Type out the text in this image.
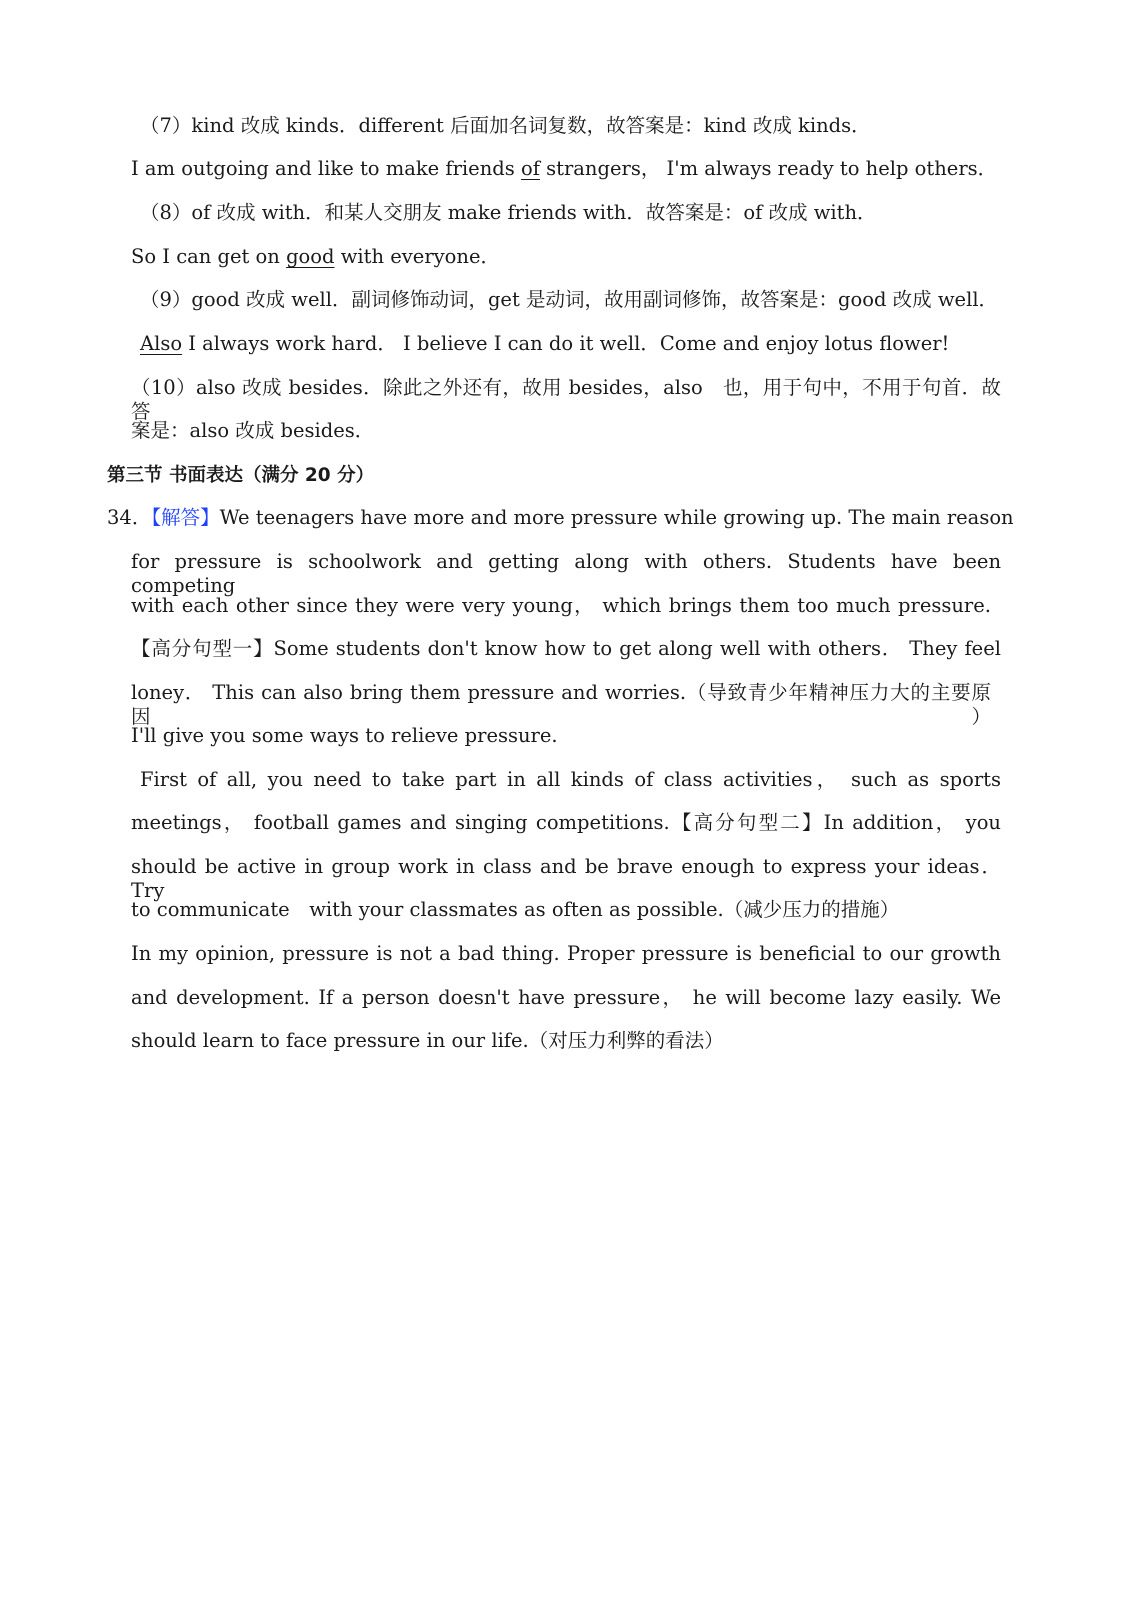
（7）kind 改成 kinds．different 后面加名词复数，故答案是：kind 改成 kinds．
I am outgoing and like to make friends of strangers， I'm always ready to help others．
（8）of 改成 with．和某人交朋友 make friends with．故答案是：of 改成 with．
So I can get on good with everyone．
（9）good 改成 well．副词修饰动词，get 是动词，故用副词修饰，故答案是：good 改成 well．
Also I always work hard． I believe I can do it well．Come and enjoy lotus flower!
（10）also 改成 besides．除此之外还有，故用 besides，also　也，用于句中，不用于句首．故答
案是：also 改成 besides．
第三节 书面表达（满分 20 分）
34．【解答】We teenagers have more and more pressure while growing up. The main reason
for pressure is schoolwork and getting along with others. Students have been competing
with each other since they were very young， which brings them too much pressure.
【高分句型一】Some students don't know how to get along well with others． They feel
loney． This can also bring them pressure and worries.（导致青少年精神压力大的主要原因）
I'll give you some ways to relieve pressure.
First of all, you need to take part in all kinds of class activities， such as sports
meetings， football games and singing competitions.【高分句型二】In addition， you
should be active in group work in class and be brave enough to express your ideas． Try
to communicate　with your classmates as often as possible.（减少压力的措施）
In my opinion, pressure is not a bad thing. Proper pressure is beneficial to our growth
and development. If a person doesn't have pressure， he will become lazy easily. We
should learn to face pressure in our life.（对压力利弊的看法）
